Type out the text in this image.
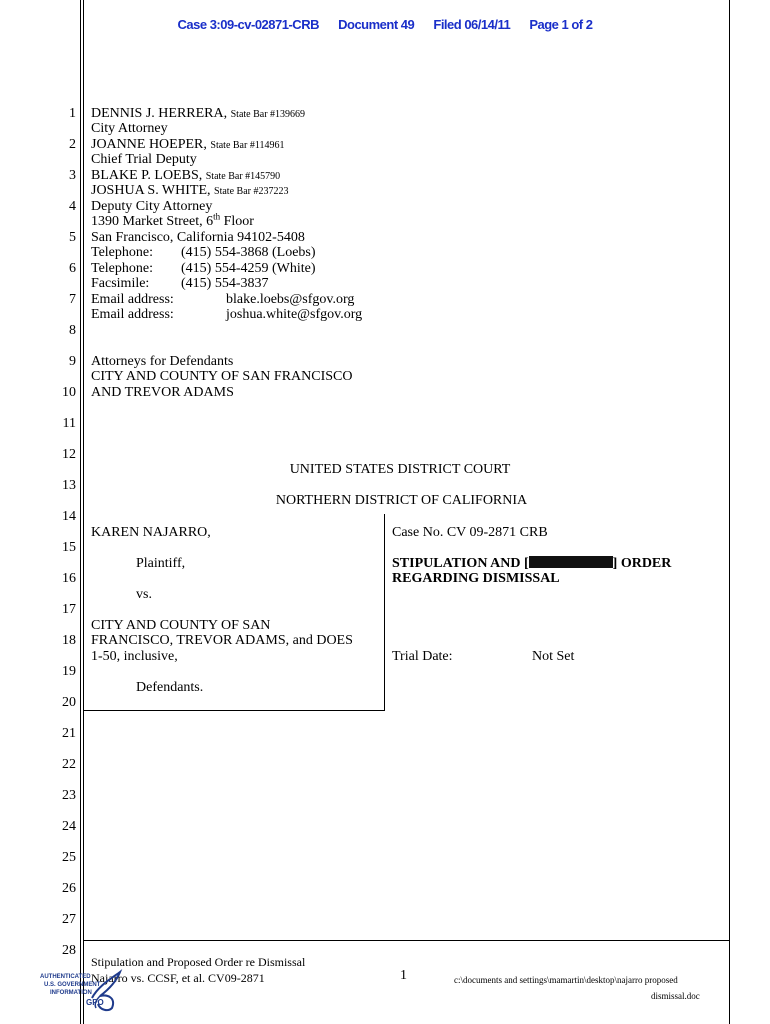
Case 3:09-cv-02871-CRB Document 49 Filed 06/14/11 Page 1 of 2
1
2
3
4
5
6
7
8
9
10
11
12
13
14
15
16
17
18
19
20
21
22
23
24
25
26
27
28
DENNIS J. HERRERA, State Bar #139669
City Attorney
JOANNE HOEPER, State Bar #114961
Chief Trial Deputy
BLAKE P. LOEBS, State Bar #145790
JOSHUA S. WHITE, State Bar #237223
Deputy City Attorney
1390 Market Street, 6th Floor
San Francisco, California 94102-5408
Telephone: (415) 554-3868 (Loebs)
Telephone: (415) 554-4259 (White)
Facsimile: (415) 554-3837
Email address:	blake.loebs@sfgov.org
Email address:	joshua.white@sfgov.org
Attorneys for Defendants
CITY AND COUNTY OF SAN FRANCISCO
AND TREVOR ADAMS
UNITED STATES DISTRICT COURT
NORTHERN DISTRICT OF CALIFORNIA
KAREN NAJARRO,
Plaintiff,
vs.
CITY AND COUNTY OF SAN
FRANCISCO, TREVOR ADAMS, and DOES
1-50, inclusive,
Defendants.
Case No. CV 09-2871 CRB
STIPULATION AND [	] ORDER
REGARDING DISMISSAL
Trial Date:	Not Set
Stipulation and Proposed Order re Dismissal
Najarro vs. CCSF, et al. CV09-2871	1	c:\documents and settings\mamartin\desktop\najarro proposed
dismissal.doc
AUTHENTICATED
U.S. GOVERNMENT
INFORMATION
GPO
